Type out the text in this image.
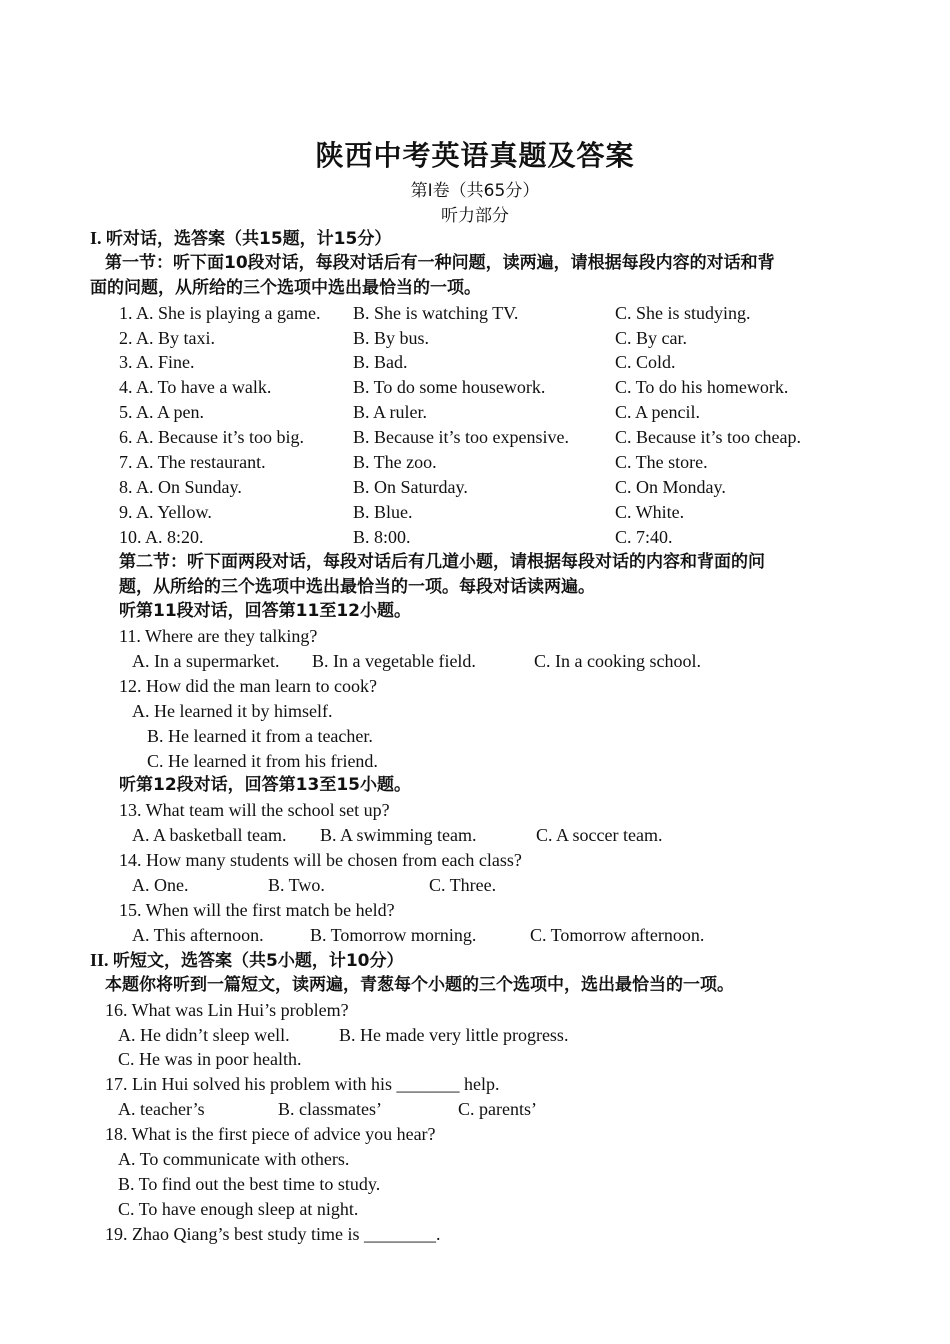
陕西中考英语真题及答案
第Ⅰ卷（共65分）
听力部分
I. 听对话，选答案（共15题，计15分）
第一节：听下面10段对话，每段对话后有一种问题，读两遍，请根据每段内容的对话和背
面的问题，从所给的三个选项中选出最恰当的一项。
1. A. She is playing a game. B. She is watching TV.	C. She is studying.
2. A. By taxi.	B. By bus.	C. By car.
3. A. Fine.	B. Bad.	C. Cold.
4. A. To have a walk.	B. To do some housework.	C. To do his homework.
5. A. A pen.	B. A ruler.	C. A pencil.
6. A. Because it’s too big.	B. Because it’s too expensive.	C. Because it’s too cheap.
7. A. The restaurant.	B. The zoo.	C. The store.
8. A. On Sunday.	B. On Saturday.	C. On Monday.
9. A. Yellow.	B. Blue.	C. White.
10. A. 8:20.	B. 8:00.	C. 7:40.
第二节：听下面两段对话，每段对话后有几道小题，请根据每段对话的内容和背面的问
题，从所给的三个选项中选出最恰当的一项。每段对话读两遍。
听第11段对话，回答第11至12小题。
11. Where are they talking?
A. In a supermarket. B. In a vegetable field.	C. In a cooking school.
12. How did the man learn to cook?
A. He learned it by himself.
B. He learned it from a teacher.
C. He learned it from his friend.
听第12段对话，回答第13至15小题。
13. What team will the school set up?
A. A basketball team. B. A swimming team.	C. A soccer team.
14. How many students will be chosen from each class?
A. One.	B. Two.	C. Three.
15. When will the first match be held?
A. This afternoon.	B. Tomorrow morning.	C. Tomorrow afternoon.
II. 听短文，选答案（共5小题，计10分）
本题你将听到一篇短文，读两遍，青葱每个小题的三个选项中，选出最恰当的一项。
16. What was Lin Hui’s problem?
A. He didn’t sleep well.	B. He made very little progress.
C. He was in poor health.
17. Lin Hui solved his problem with his _______ help.
A. teacher’s	B. classmates’	C. parents’
18. What is the first piece of advice you hear?
A. To communicate with others.
B. To find out the best time to study.
C. To have enough sleep at night.
19. Zhao Qiang’s best study time is ________.
